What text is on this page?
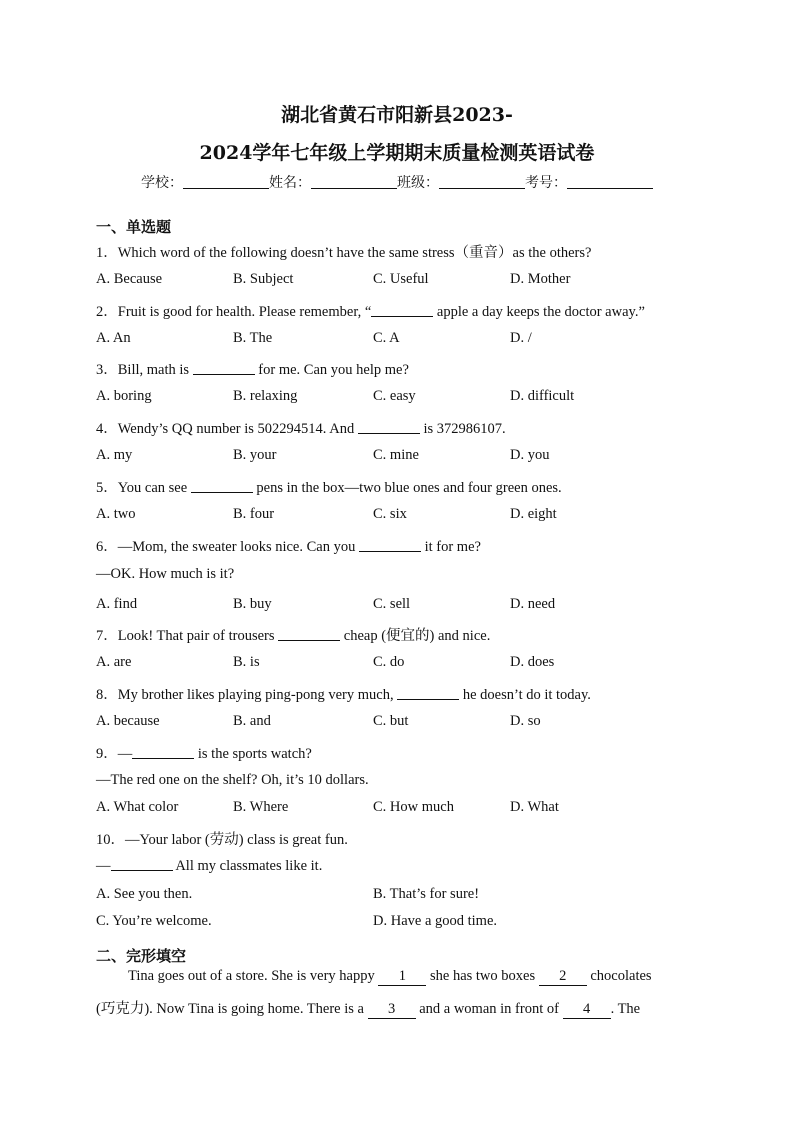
湖北省黄石市阳新县2023-
2024学年七年级上学期期末质量检测英语试卷
学校：	姓名：	班级：	考号：
一、单选题
1．Which word of the following doesn’t have the same stress（重音）as the others?
A. Because	B. Subject	C. Useful	D. Mother
2．Fruit is good for health. Please remember, “	apple a day keeps the doctor away.”
A. An	B. The	C. A	D. /
3．Bill, math is	for me. Can you help me?
A. boring	B. relaxing	C. easy	D. difficult
4．Wendy’s QQ number is 502294514. And	is 372986107.
A. my	B. your	C. mine	D. you
5．You can see	pens in the box—two blue ones and four green ones.
A. two	B. four	C. six	D. eight
6．—Mom, the sweater looks nice. Can you	it for me?
—OK. How much is it?
A. find	B. buy	C. sell	D. need
7．Look! That pair of trousers	cheap (便宜的) and nice.
A. are	B. is	C. do	D. does
8．My brother likes playing ping-pong very much,	he doesn’t do it today.
A. because	B. and	C. but	D. so
9．—	is the sports watch?
—The red one on the shelf? Oh, it’s 10 dollars.
A. What color	B. Where	C. How much	D. What
10．—Your labor (劳动) class is great fun.
—	All my classmates like it.
A. See you then.	B. That’s for sure!
C. You’re welcome.	D. Have a good time.
二、完形填空
Tina goes out of a store. She is very happy 1 she has two boxes 2 chocolates
(巧克力). Now Tina is going home. There is a 3 and a woman in front of 4 . The
